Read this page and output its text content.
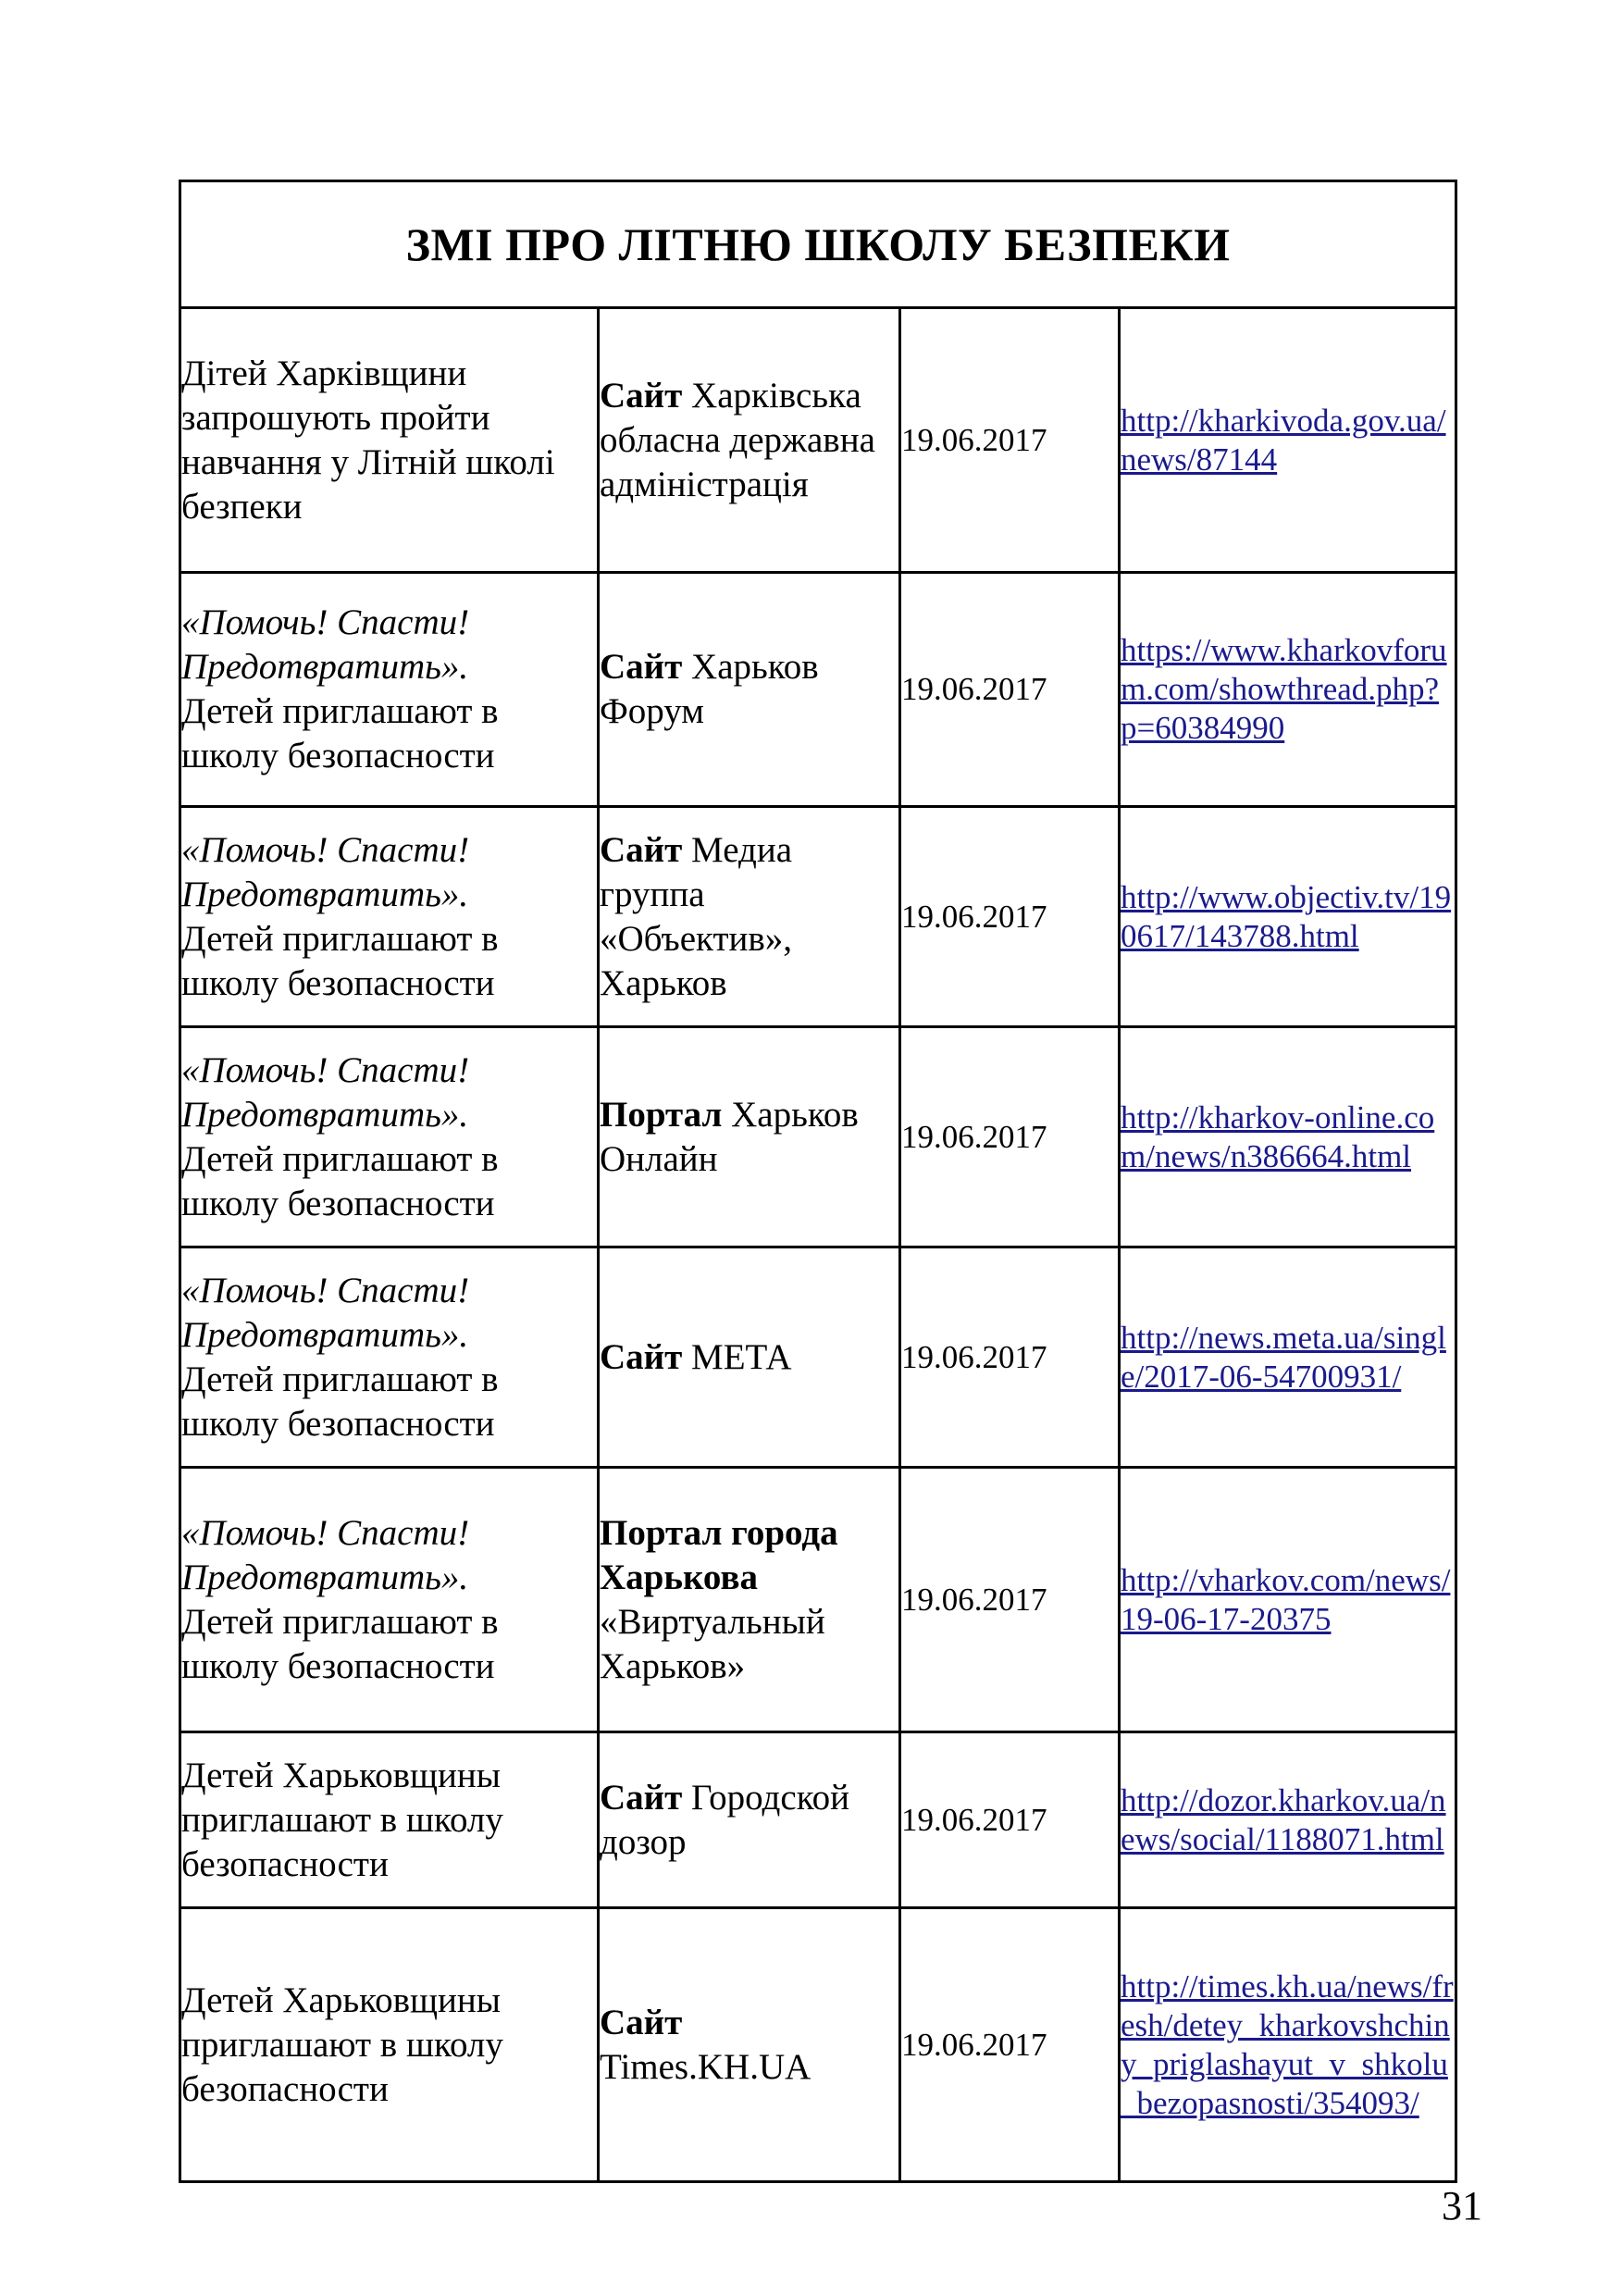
ЗМІ ПРО ЛІТНЮ ШКОЛУ БЕЗПЕКИ			

Дітей Харківщини запрошують пройти навчання у Літній школі безпеки	Сайт Харківська обласна державна адміністрація	19.06.2017	http://kharkivoda.gov.ua/news/87144

«Помочь! Спасти! Предотвратить».
Детей приглашают в школу безопасности	Сайт Харьков Форум	19.06.2017	https://www.kharkovforum.com/showthread.php?p=60384990

«Помочь! Спасти! Предотвратить».
Детей приглашают в школу безопасности	Сайт Медиа группа «Объектив», Харьков	19.06.2017	http://www.objectiv.tv/190617/143788.html

«Помочь! Спасти! Предотвратить».
Детей приглашают в школу безопасности	Портал Харьков Онлайн	19.06.2017	http://kharkov-online.com/news/n386664.html

«Помочь! Спасти! Предотвратить».
Детей приглашают в школу безопасности	Сайт МЕТА	19.06.2017	http://news.meta.ua/single/2017-06-54700931/

«Помочь! Спасти! Предотвратить».
Детей приглашают в школу безопасности	Портал города Харькова «Виртуальный Харьков»	19.06.2017	http://vharkov.com/news/19-06-17-20375

Детей Харьковщины приглашают в школу безопасности	Сайт Городской дозор	19.06.2017	http://dozor.kharkov.ua/news/social/1188071.html

Детей Харьковщины приглашают в школу безопасности	Сайт Times.KH.UA	19.06.2017	http://times.kh.ua/news/fresh/detey_kharkovshchiny_priglashayut_v_shkolu_bezopasnosti/354093/
31
